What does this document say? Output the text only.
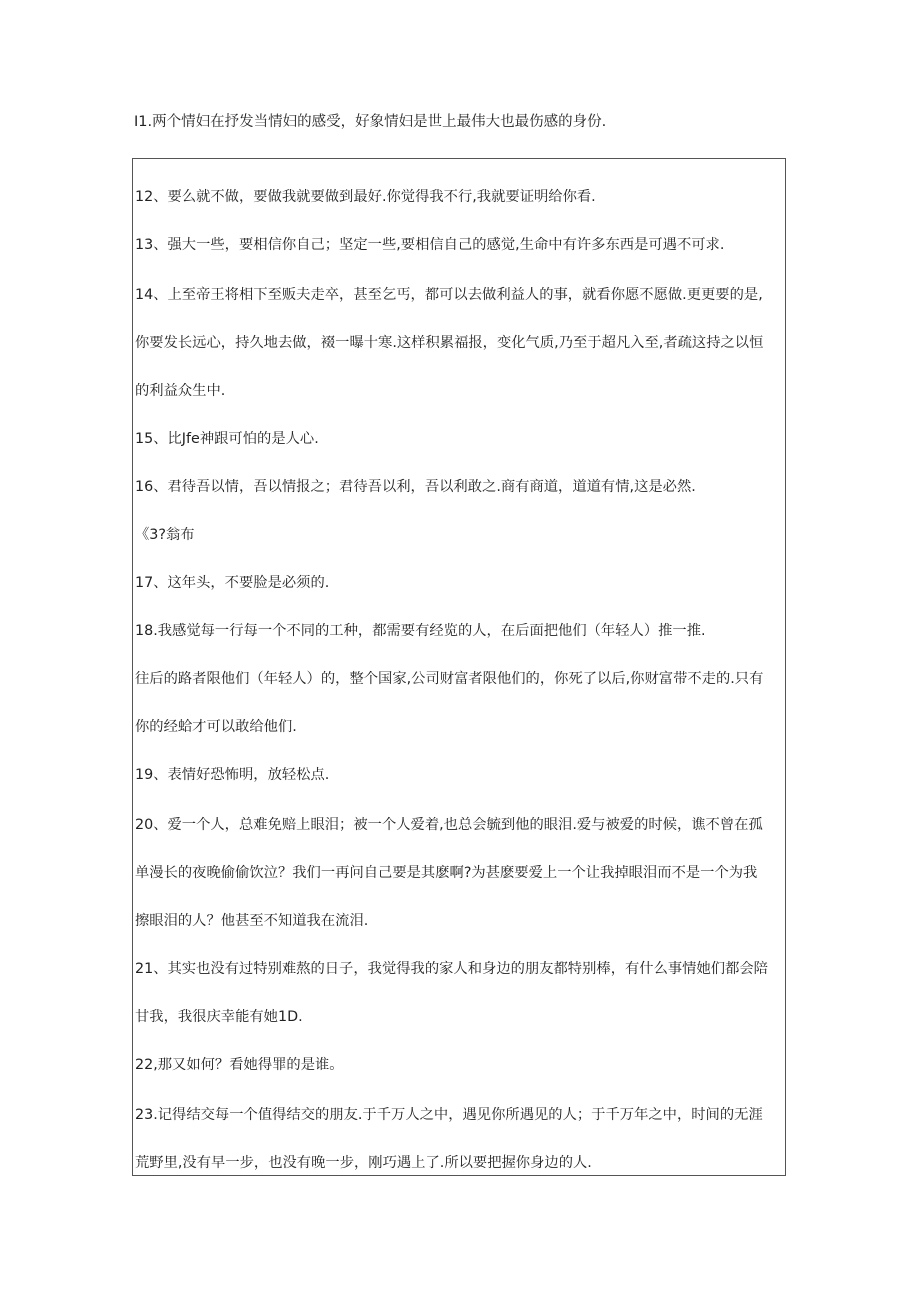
I1.两个情妇在抒发当情妇的感受，好象情妇是世上最伟大也最伤感的身份.
12、要么就不做，要做我就要做到最好.你觉得我不行,我就要证明给你看.
13、强大一些，要相信你自己；坚定一些,要相信自己的感觉,生命中有许多东西是可遇不可求.
14、上至帝王将相下至贩夫走卒，甚至乞丐，都可以去做利益人的事，就看你愿不愿做.更更要的是,
你要发长远心，持久地去做，裰一曝十寒.这样积累福报，变化气质,乃至于超凡入至,者疏这持之以恒
的利益众生中.
15、比Jfe神跟可怕的是人心.
16、君待吾以情，吾以情报之；君待吾以利，吾以利敢之.商有商道，道道有情,这是必然.
《3?翁布
17、这年头，不要脸是必须的.
18.我感觉每一行每一个不同的工种，都需要有经览的人，在后面把他们（年轻人）推一推.
往后的路者限他们（年轻人）的，整个国家,公司财富者限他们的，你死了以后,你财富带不走的.只有
你的经蛤才可以敢给他们.
19、表情好恐怖明，放轻松点.
20、爱一个人，总难免赔上眼泪；被一个人爱着,也总会毓到他的眼泪.爱与被爱的时候，谯不曾在孤
单漫长的夜晚偷偷饮泣？我们一再问自己要是其麽啊?为甚麽要爱上一个让我掉眼泪而不是一个为我
擦眼泪的人？他甚至不知道我在流泪.
21、其实也没有过特别难熬的日子，我觉得我的家人和身边的朋友都特别棒，有什么事情她们都会陪
甘我，我很庆幸能有她1D.
22,那又如何？看她得罪的是谁。
23.记得结交每一个值得结交的朋友.于千万人之中，遇见你所遇见的人；于千万年之中，时间的无涯
荒野里,没有早一步，也没有晚一步，刚巧遇上了.所以要把握你身边的人.
